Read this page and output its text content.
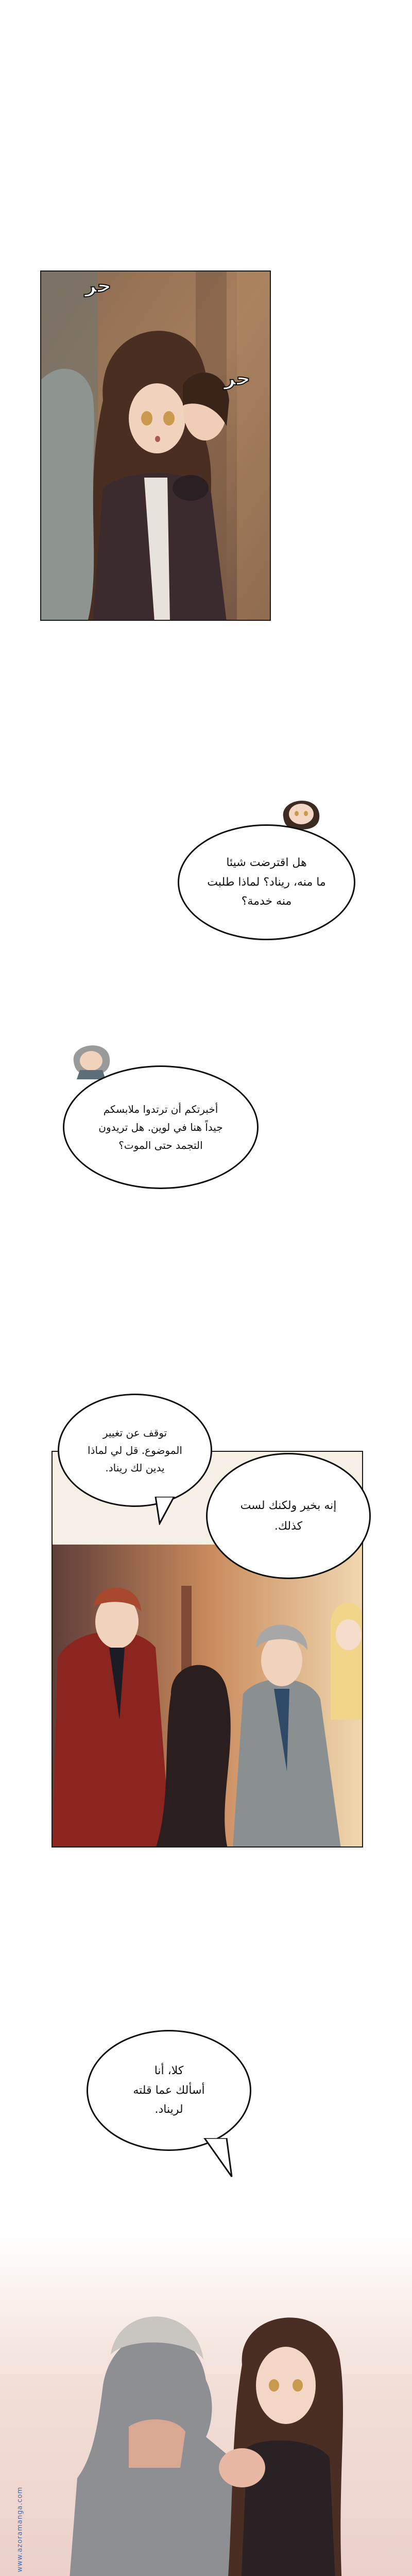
ﺣﺮ
ﺣﺮ
هل اقترضت شيئا
ما منه، ريناد؟ لماذا طلبت
منه خدمة؟
أخبرتكم أن ترتدوا ملابسكم
جيداً هنا في لوين. هل تريدون
التجمد حتى الموت؟
توقف عن تغيير
الموضوع. قل لي لماذا
يدين لك ريناد.
إنه بخير ولكنك لست
كذلك.
كلا، أنا
أسألك عما قلته
لريناد.
www.azoramanga.com
